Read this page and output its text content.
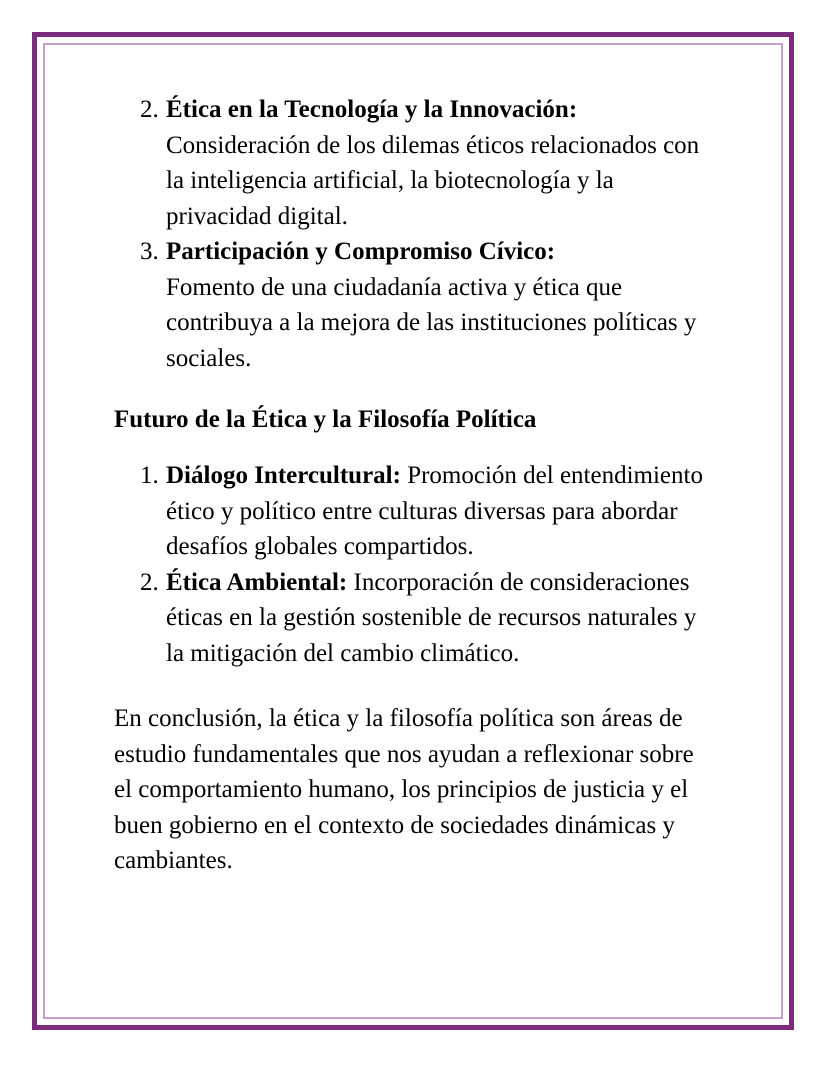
2. Ética en la Tecnología y la Innovación:
Consideración de los dilemas éticos relacionados con la inteligencia artificial, la biotecnología y la privacidad digital.
3. Participación y Compromiso Cívico:
Fomento de una ciudadanía activa y ética que contribuya a la mejora de las instituciones políticas y sociales.
Futuro de la Ética y la Filosofía Política
1. Diálogo Intercultural: Promoción del entendimiento ético y político entre culturas diversas para abordar desafíos globales compartidos.
2. Ética Ambiental: Incorporación de consideraciones éticas en la gestión sostenible de recursos naturales y la mitigación del cambio climático.

En conclusión, la ética y la filosofía política son áreas de estudio fundamentales que nos ayudan a reflexionar sobre el comportamiento humano, los principios de justicia y el buen gobierno en el contexto de sociedades dinámicas y cambiantes.
